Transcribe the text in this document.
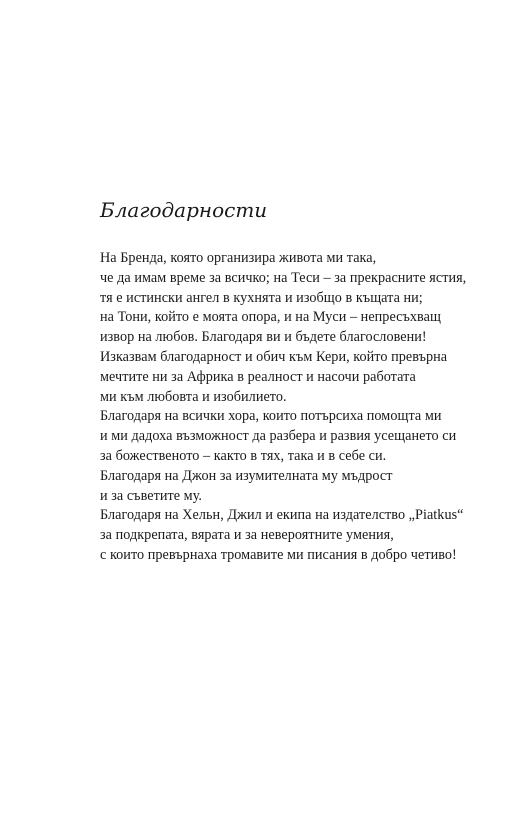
Благодарности
На Бренда, която организира живота ми така,
че да имам време за всичко; на Теси – за прекрасните ястия,
тя е истински ангел в кухнята и изобщо в къщата ни;
на Тони, който е моята опора, и на Муси – непресъхващ
извор на любов. Благодаря ви и бъдете благословени!
Изказвам благодарност и обич към Кери, който превърна
мечтите ни за Африка в реалност и насочи работата
ми към любовта и изобилието.
Благодаря на всички хора, които потърсиха помощта ми
и ми дадоха възможност да разбера и развия усещането си
за божественото – както в тях, така и в себе си.
Благодаря на Джон за изумителната му мъдрост
и за съветите му.
Благодаря на Хельн, Джил и екипа на издателство „Piatkus“
за подкрепата, вярата и за невероятните умения,
с които превърнаха тромавите ми писания в добро четиво!
